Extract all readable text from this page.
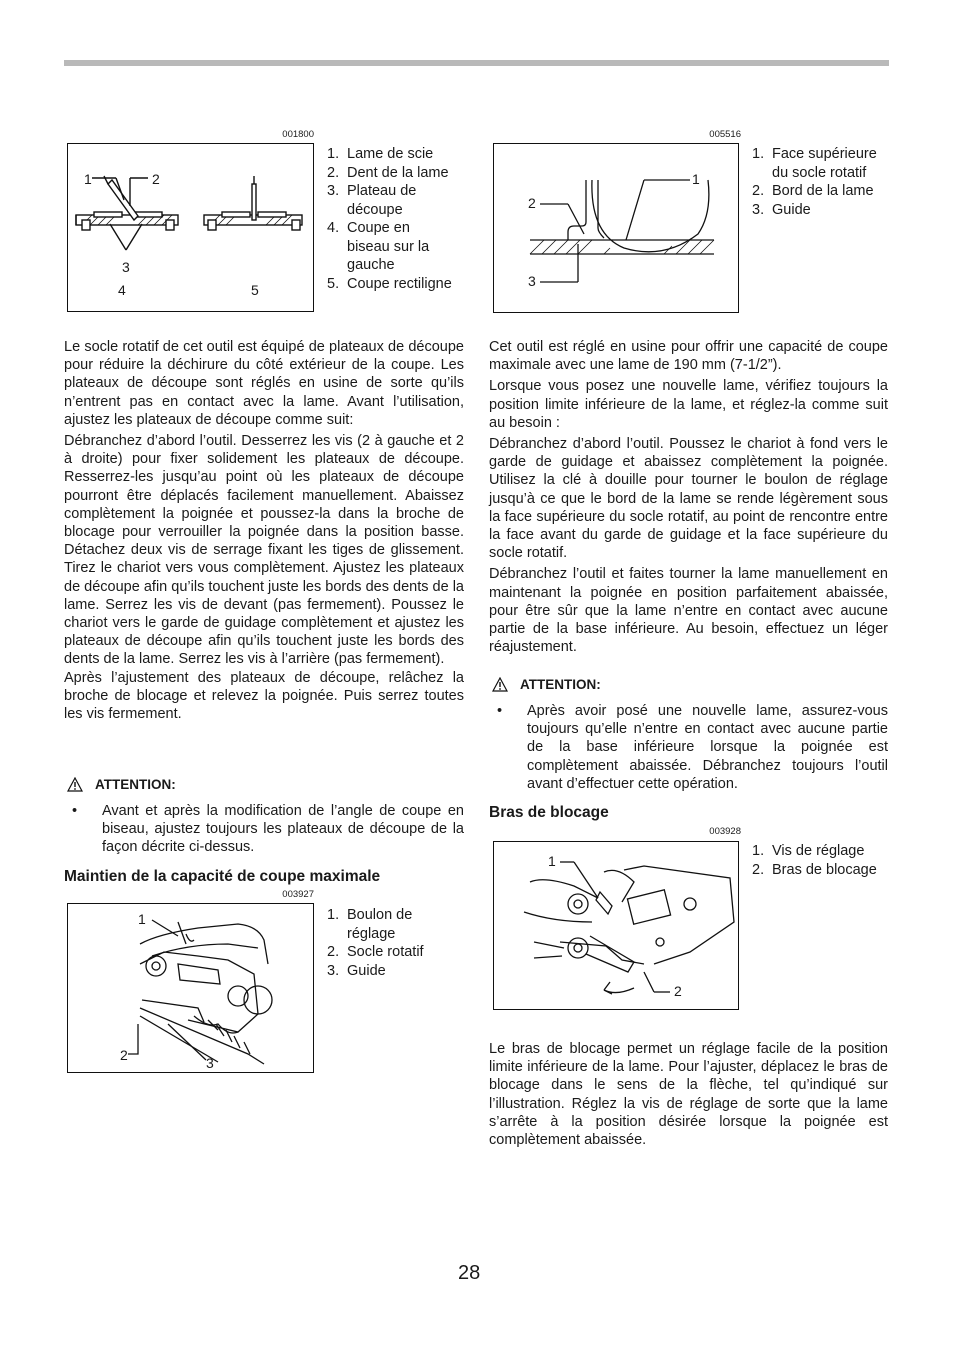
001800
1	2
3
4	5
1. Lame de scie
2. Dent de la lame
3. Plateau de découpe
4. Coupe en biseau sur la gauche
5. Coupe rectiligne

Le socle rotatif de cet outil est équipé de plateaux de découpe pour réduire la déchirure du côté extérieur de la coupe. Les plateaux de découpe sont réglés en usine de sorte qu’ils n’entrent pas en contact avec la lame. Avant l’utilisation, ajustez les plateaux de découpe comme suit:

Débranchez d’abord l’outil. Desserrez les vis (2 à gauche et 2 à droite) pour fixer solidement les plateaux de découpe. Resserrez-les jusqu’au point où les plateaux de découpe pourront être déplacés facilement manuellement. Abaissez complètement la poignée et poussez-la dans la broche de blocage pour verrouiller la poignée dans la position basse. Détachez deux vis de serrage fixant les tiges de glissement. Tirez le chariot vers vous complètement. Ajustez les plateaux de découpe afin qu’ils touchent juste les bords des dents de la lame. Serrez les vis de devant (pas fermement). Poussez le chariot vers le garde de guidage complètement et ajustez les plateaux de découpe afin qu’ils touchent juste les bords des dents de la lame. Serrez les vis à l’arrière (pas fermement).

Après l’ajustement des plateaux de découpe, relâchez la broche de blocage et relevez la poignée. Puis serrez toutes les vis fermement.

ATTENTION:
•	Avant et après la modification de l’angle de coupe en biseau, ajustez toujours les plateaux de découpe de la façon décrite ci-dessus.
Maintien de la capacité de coupe maximale
003927
1
2	3
1. Boulon de réglage
2. Socle rotatif
3. Guide
005516
1
2
3
1. Face supérieure du socle rotatif
2. Bord de la lame
3. Guide

Cet outil est réglé en usine pour offrir une capacité de coupe maximale avec une lame de 190 mm (7-1/2”).

Lorsque vous posez une nouvelle lame, vérifiez toujours la position limite inférieure de la lame, et réglez-la comme suit au besoin :

Débranchez d’abord l’outil. Poussez le chariot à fond vers le garde de guidage et abaissez complètement la poignée. Utilisez la clé à douille pour tourner le boulon de réglage jusqu’à ce que le bord de la lame se rende légèrement sous la face supérieure du socle rotatif, au point de rencontre entre la face avant du garde de guidage et la face supérieure du socle rotatif.

Débranchez l’outil et faites tourner la lame manuellement en maintenant la poignée en position parfaitement abaissée, pour être sûr que la lame n’entre en contact avec aucune partie de la base inférieure. Au besoin, effectuez un léger réajustement.

ATTENTION:
•	Après avoir posé une nouvelle lame, assurez-vous toujours qu’elle n’entre en contact avec aucune partie de la base inférieure lorsque la poignée est complètement abaissée. Débranchez toujours l’outil avant d’effectuer cette opération.
Bras de blocage
003928
1
2
1. Vis de réglage
2. Bras de blocage

Le bras de blocage permet un réglage facile de la position limite inférieure de la lame. Pour l’ajuster, déplacez le bras de blocage dans le sens de la flèche, tel qu’indiqué sur l’illustration. Réglez la vis de réglage de sorte que la lame s’arrête à la position désirée lorsque la poignée est complètement abaissée.

28
